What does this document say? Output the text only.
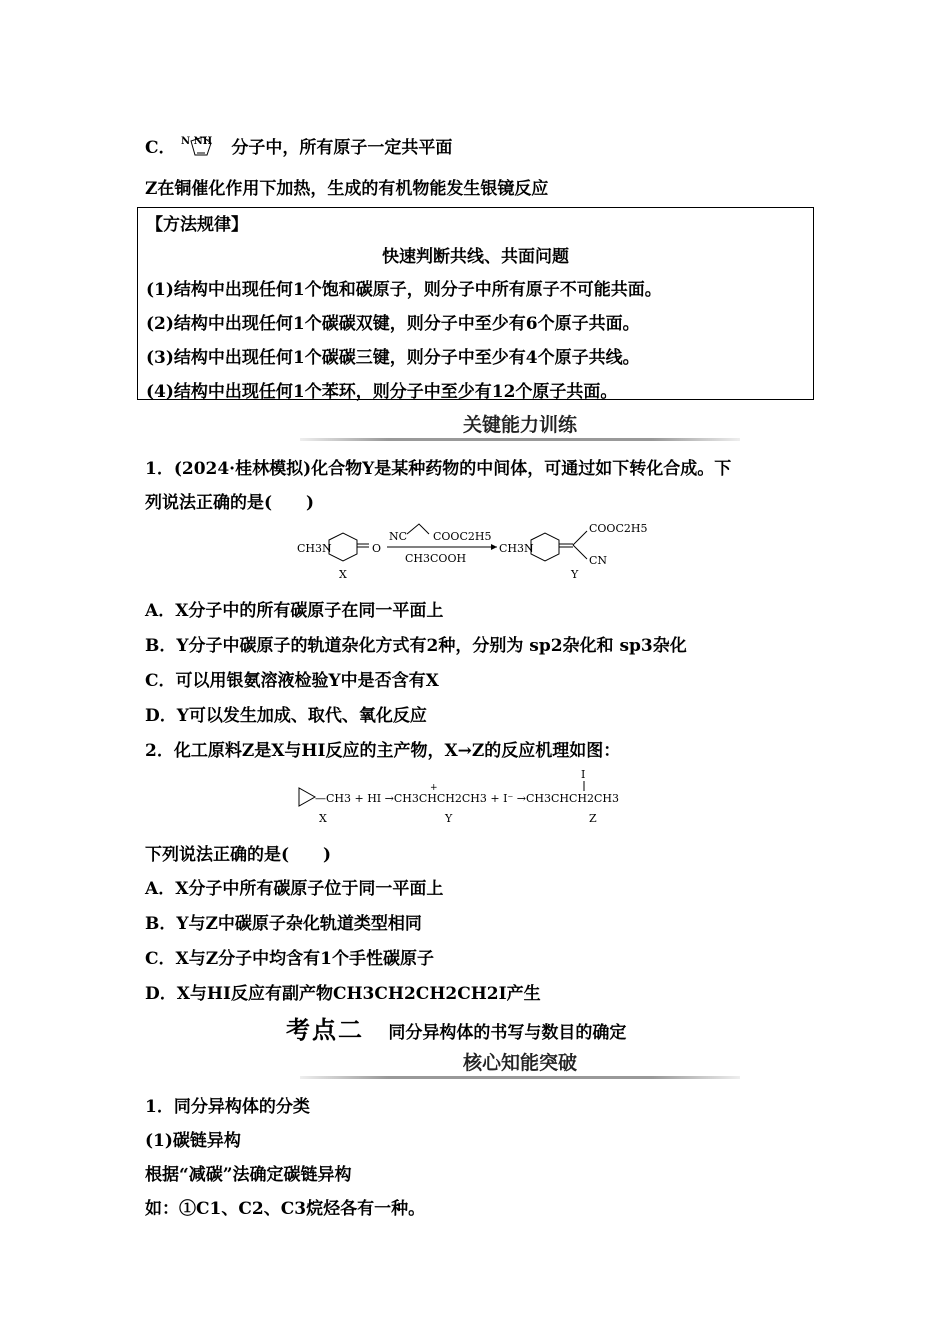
C． N NH 分子中，所有原子一定共平面
Z在铜催化作用下加热，生成的有机物能发生银镜反应
【方法规律】
快速判断共线、共面问题
(1)结构中出现任何1个饱和碳原子，则分子中所有原子不可能共面。
(2)结构中出现任何1个碳碳双键，则分子中至少有6个原子共面。
(3)结构中出现任何1个碳碳三键，则分子中至少有4个原子共线。
(4)结构中出现任何1个苯环，则分子中至少有12个原子共面。
关键能力训练
1．(2024·桂林模拟)化合物Y是某种药物的中间体，可通过如下转化合成。下
列说法正确的是(　　)
CH3N	O
X
NC COOC2H5
CH3COOH
CH3N
COOC2H5
CN
Y
A．X分子中的所有碳原子在同一平面上
B．Y分子中碳原子的轨道杂化方式有2种，分别为 sp2杂化和 sp3杂化
C．可以用银氨溶液检验Y中是否含有X
D．Y可以发生加成、取代、氧化反应
2．化工原料Z是X与HI反应的主产物，X→Z的反应机理如图：
—CH3 + HI →CH3CHCH2CH3 + I⁻ →CH3CHCH2CH3
X	Y	Z
+
I
下列说法正确的是(　　)
A．X分子中所有碳原子位于同一平面上
B．Y与Z中碳原子杂化轨道类型相同
C．X与Z分子中均含有1个手性碳原子
D．X与HI反应有副产物CH3CH2CH2CH2I产生
考点二 同分异构体的书写与数目的确定
核心知能突破
1．同分异构体的分类
(1)碳链异构
根据“减碳”法确定碳链异构
如：①C1、C2、C3烷烃各有一种。
